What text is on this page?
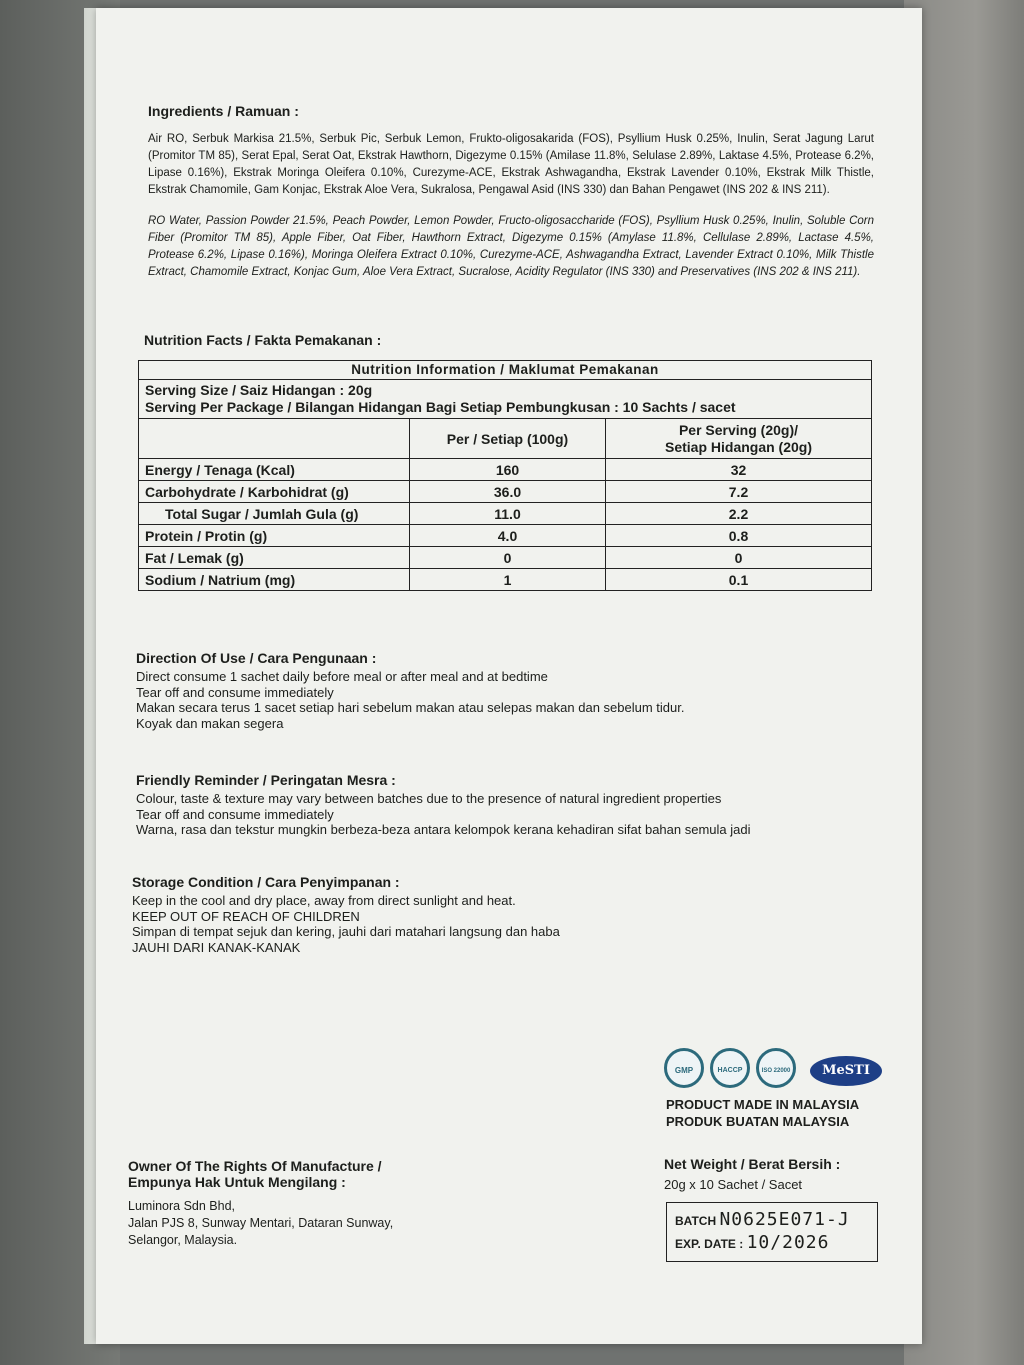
Ingredients / Ramuan :

Air RO, Serbuk Markisa 21.5%, Serbuk Pic, Serbuk Lemon, Frukto-oligosakarida (FOS), Psyllium Husk 0.25%, Inulin, Serat Jagung Larut (Promitor TM 85), Serat Epal, Serat Oat, Ekstrak Hawthorn, Digezyme 0.15% (Amilase 11.8%, Selulase 2.89%, Laktase 4.5%, Protease 6.2%, Lipase 0.16%), Ekstrak Moringa Oleifera 0.10%, Curezyme-ACE, Ekstrak Ashwagandha, Ekstrak Lavender 0.10%, Ekstrak Milk Thistle, Ekstrak Chamomile, Gam Konjac, Ekstrak Aloe Vera, Sukralosa, Pengawal Asid (INS 330) dan Bahan Pengawet (INS 202 & INS 211).

RO Water, Passion Powder 21.5%, Peach Powder, Lemon Powder, Fructo-oligosaccharide (FOS), Psyllium Husk 0.25%, Inulin, Soluble Corn Fiber (Promitor TM 85), Apple Fiber, Oat Fiber, Hawthorn Extract, Digezyme 0.15% (Amylase 11.8%, Cellulase 2.89%, Lactase 4.5%, Protease 6.2%, Lipase 0.16%), Moringa Oleifera Extract 0.10%, Curezyme-ACE, Ashwagandha Extract, Lavender Extract 0.10%, Milk Thistle Extract, Chamomile Extract, Konjac Gum, Aloe Vera Extract, Sucralose, Acidity Regulator (INS 330) and Preservatives (INS 202 & INS 211).

Nutrition Facts / Fakta Pemakanan :
Nutrition Information / Maklumat Pemakanan		

Serving Size / Saiz Hidangan : 20g
Serving Per Package / Bilangan Hidangan Bagi Setiap Pembungkusan : 10 Sachts / sacet		

	Per / Setiap (100g)	Per Serving (20g)/
Setiap Hidangan (20g)

Energy / Tenaga (Kcal)	160	32
Carbohydrate / Karbohidrat (g)	36.0	7.2
Total Sugar / Jumlah Gula (g)	11.0	2.2
Protein / Protin (g)	4.0	0.8
Fat / Lemak (g)	0	0
Sodium / Natrium (mg)	1	0.1
Direction Of Use / Cara Pengunaan :

Direct consume 1 sachet daily before meal or after meal and at bedtime

Tear off and consume immediately

Makan secara terus 1 sacet setiap hari sebelum makan atau selepas makan dan sebelum tidur.

Koyak dan makan segera

Friendly Reminder / Peringatan Mesra :

Colour, taste & texture may vary between batches due to the presence of natural ingredient properties

Tear off and consume immediately

Warna, rasa dan tekstur mungkin berbeza-beza antara kelompok kerana kehadiran sifat bahan semula jadi

Storage Condition / Cara Penyimpanan :

Keep in the cool and dry place, away from direct sunlight and heat.

KEEP OUT OF REACH OF CHILDREN

Simpan di tempat sejuk dan kering, jauhi dari matahari langsung dan haba

JAUHI DARI KANAK-KANAK

GMP	HACCP	ISO 22000	MeSTI
PRODUCT MADE IN MALAYSIA
PRODUK BUATAN MALAYSIA
Owner Of The Rights Of Manufacture /
Empunya Hak Untuk Mengilang :

Luminora Sdn Bhd,

Jalan PJS 8, Sunway Mentari, Dataran Sunway,

Selangor, Malaysia.

Net Weight / Berat Bersih :

20g x 10 Sachet / Sacet

BATCH N0625E071-J
EXP. DATE : 10/2026
